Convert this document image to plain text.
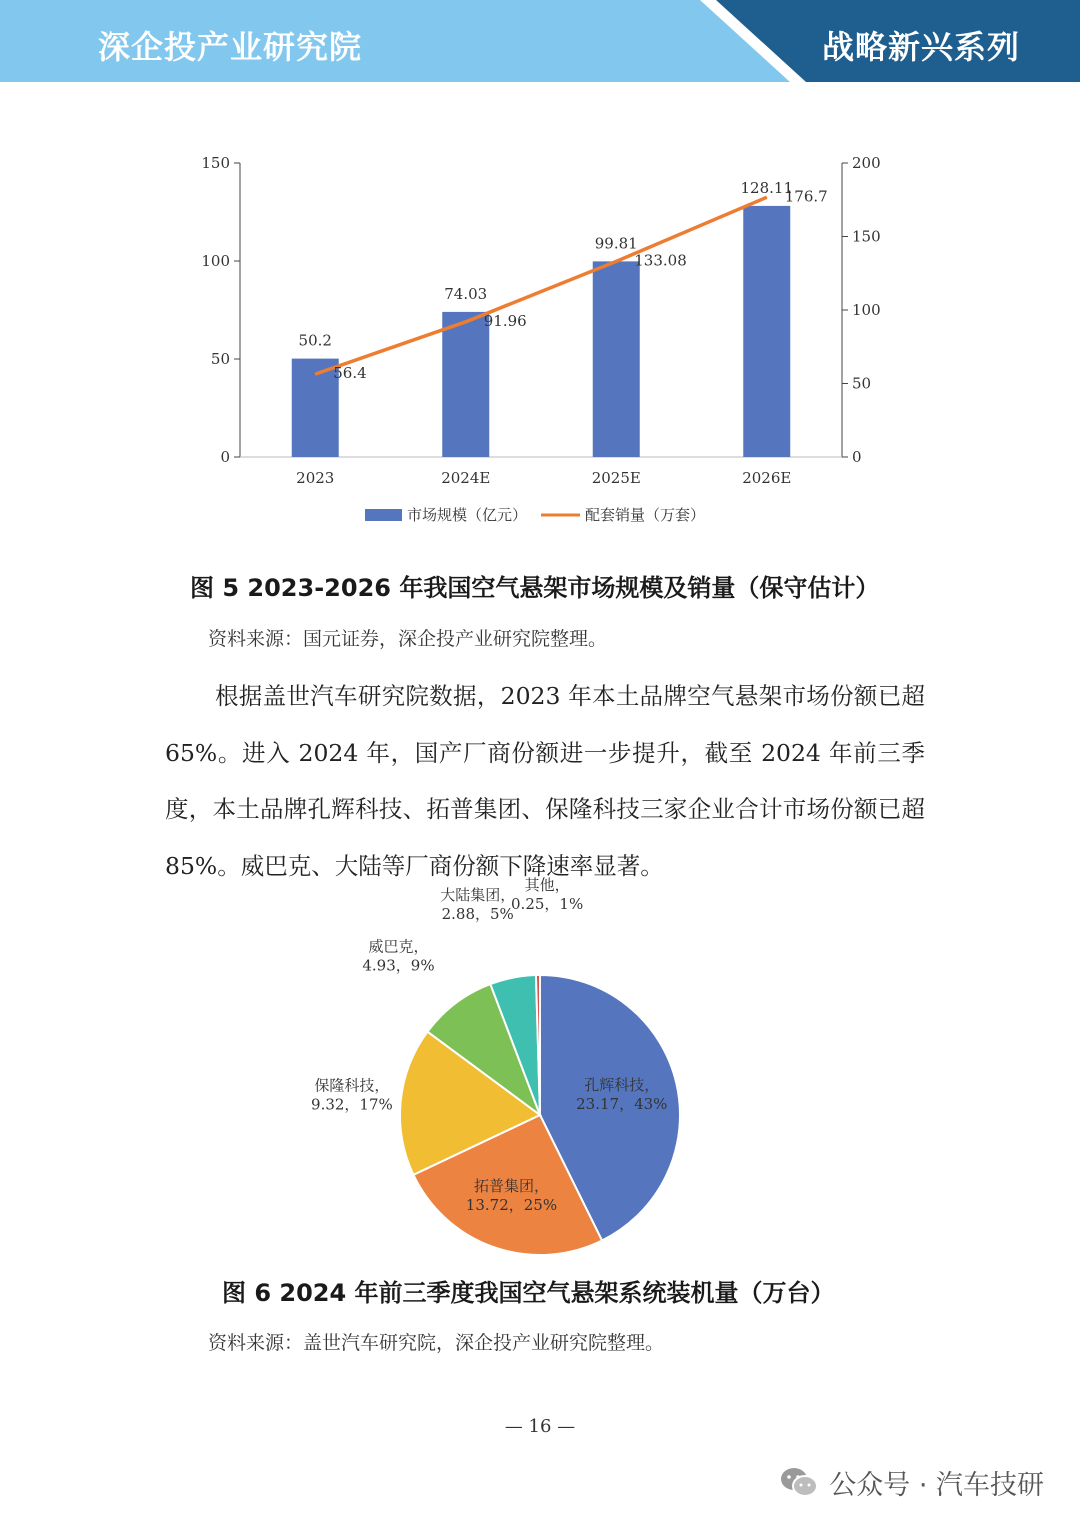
深企投产业研究院	战略新兴系列
0
50
100
150
0
50
100
150
200
2023	2024E	2025E	2026E
50.2
74.03
99.81
128.11
56.4
91.96
133.08
176.7
市场规模（亿元）	配套销量（万套）
图 5 2023-2026 年我国空气悬架市场规模及销量（保守估计）
资料来源：国元证券，深企投产业研究院整理。
根据盖世汽车研究院数据，2023 年本土品牌空气悬架市场份额已超 65%。进入 2024 年，国产厂商份额进一步提升，截至 2024 年前三季度，本土品牌孔辉科技、拓普集团、保隆科技三家企业合计市场份额已超 85%。威巴克、大陆等厂商份额下降速率显著。
孔辉科技， 23.17，43%
拓普集团， 13.72，25%
保隆科技， 9.32，17%
威巴克， 4.93，9%
大陆集团， 2.88，5%
其他， 0.25，1%
图 6 2024 年前三季度我国空气悬架系统装机量（万台）
资料来源：盖世汽车研究院，深企投产业研究院整理。
— 16 —
公众号 · 汽车技研
